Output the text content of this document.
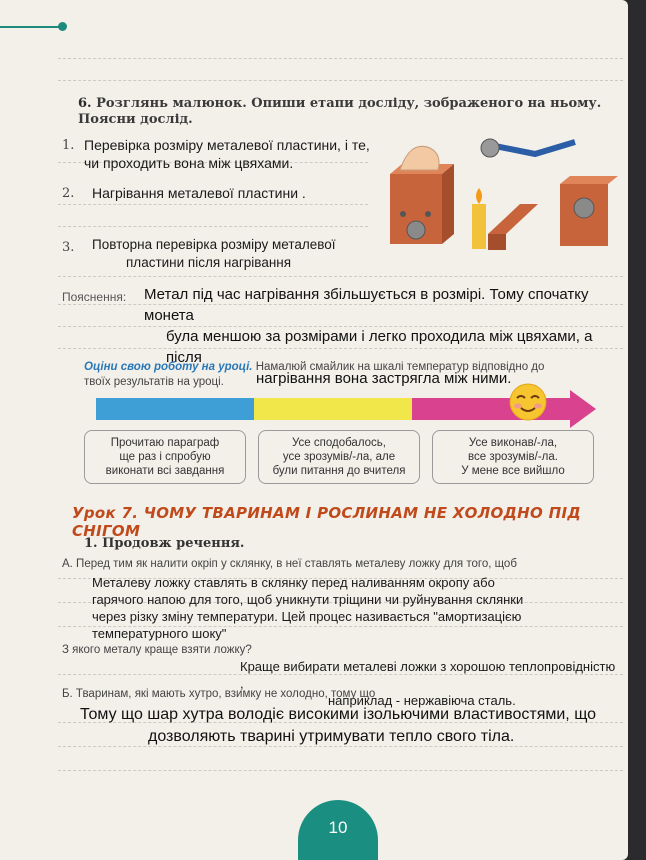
6. Розглянь малюнок. Опиши етапи досліду, зображеного на ньому. Поясни дослід.
1. Перевірка розміру металевої пластини, і те,
чи проходить вона між цвяхами.
2. Нагрівання металевої пластини .
3. Повторна перевірка розміру металевої
пластини після нагрівання
Пояснення: Метал під час нагрівання збільшується в розмірі. Тому спочатку монета
була меншою за розмірами і легко проходила між цвяхами, а після
нагрівання вона застрягла між ними.
Оціни свою роботу на уроці. Намалюй смайлик на шкалі температур відповідно до
твоїх результатів на уроці.
Прочитаю параграф
ще раз і спробую
виконати всі завдання
Усе сподобалось,
усе зрозумів/-ла, але
були питання до вчителя
Усе виконав/-ла,
все зрозумів/-ла.
У мене все вийшло
Урок 7. ЧОМУ ТВАРИНАМ І РОСЛИНАМ НЕ ХОЛОДНО ПІД СНІГОМ
1. Продовж речення.
А. Перед тим як налити окріп у склянку, в неї ставлять металеву ложку для того, щоб
Металеву ложку ставлять в склянку перед наливанням окропу або
гарячого напою для того, щоб уникнути тріщини чи руйнування склянки
через різку зміну температури. Цей процес називається "амортизацією
температурного шоку"
З якого металу краще взяти ложку?
Краще вибирати металеві ложки з хорошою теплопровідністю ,
наприклад - нержавіюча сталь.
Б. Тваринам, які мають хутро, взимку не холодно, тому що
Тому що шар хутра володіє високими ізольючими властивостями, що
дозволяють тварині утримувати тепло свого тіла.
10
